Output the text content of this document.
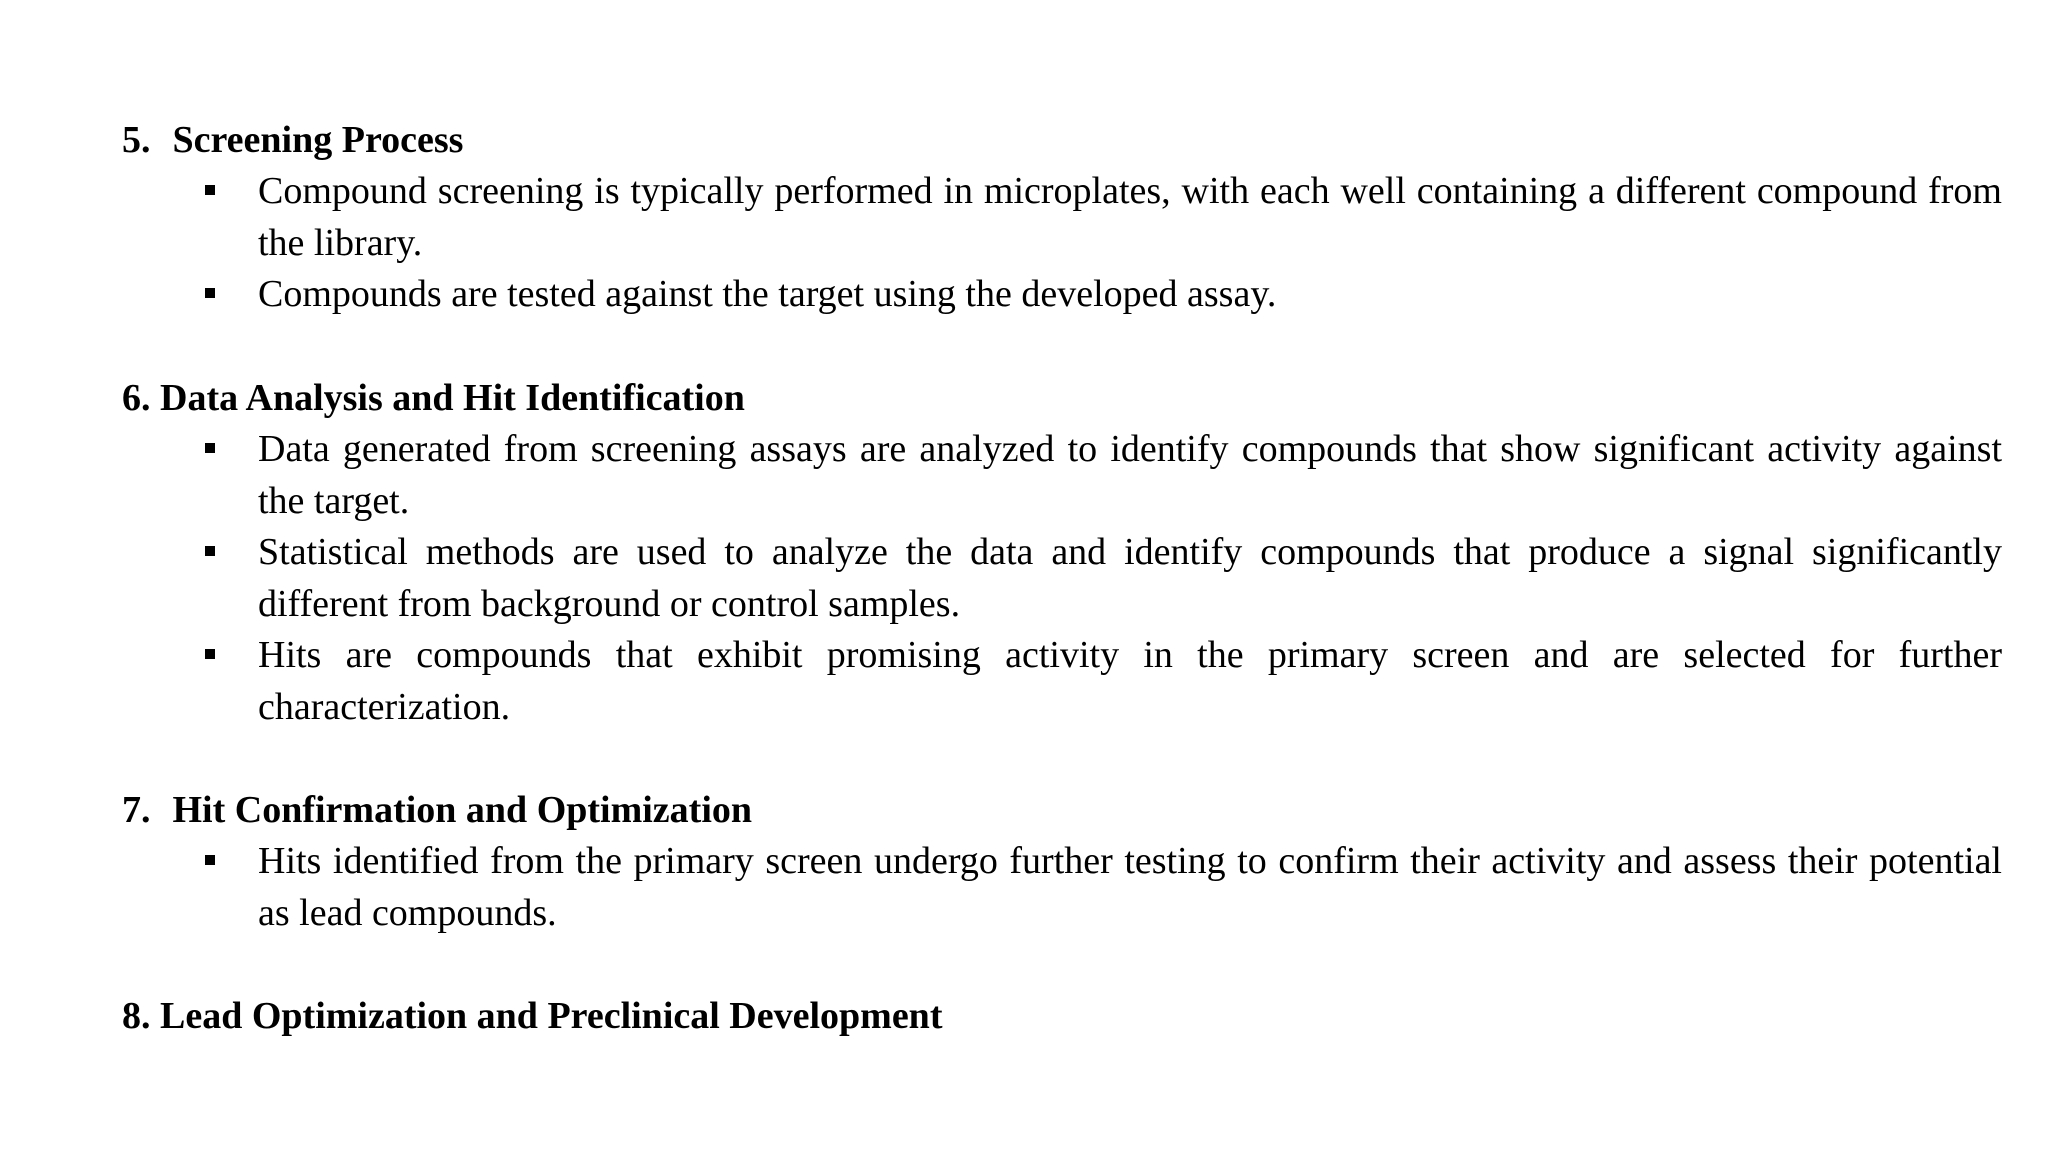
5. Screening Process
Compound screening is typically performed in microplates, with each well containing a different compound from the library.
Compounds are tested against the target using the developed assay.
6. Data Analysis and Hit Identification
Data generated from screening assays are analyzed to identify compounds that show significant activity against the target.
Statistical methods are used to analyze the data and identify compounds that produce a signal significantly different from background or control samples.
Hits are compounds that exhibit promising activity in the primary screen and are selected for further characterization.
7. Hit Confirmation and Optimization
Hits identified from the primary screen undergo further testing to confirm their activity and assess their potential as lead compounds.
8. Lead Optimization and Preclinical Development
